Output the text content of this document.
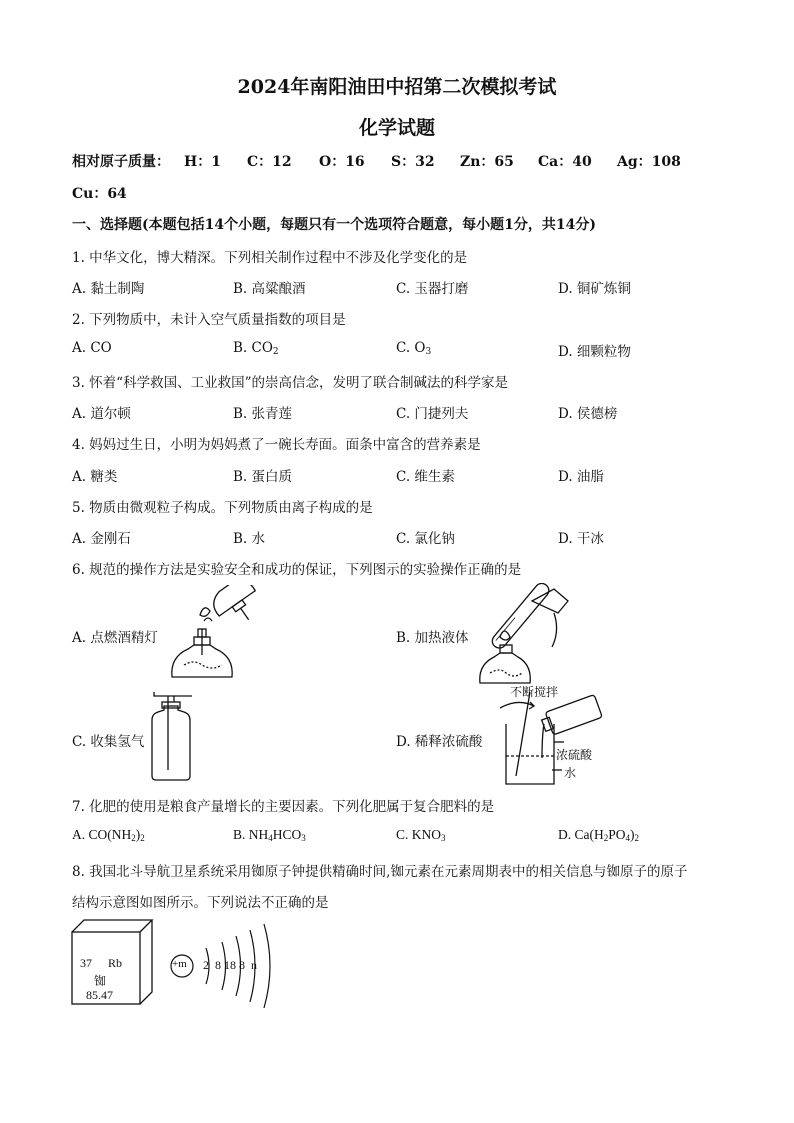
2024年南阳油田中招第二次模拟考试
化学试题
相对原子质量： H：1 C：12 O：16 S：32 Zn：65 Ca：40 Ag：108
Cu：64
一、选择题(本题包括14个小题，每题只有一个选项符合题意，每小题1分，共14分)
1. 中华文化，博大精深。下列相关制作过程中不涉及化学变化的是
A. 黏土制陶	B. 高粱酿酒	C. 玉器打磨	D. 铜矿炼铜
2. 下列物质中，未计入空气质量指数的项目是
A. CO	B. $CO_2$	C. $O_3$	D. 细颗粒物
3. 怀着“科学救国、工业救国”的崇高信念，发明了联合制碱法的科学家是
A. 道尔顿	B. 张青莲	C. 门捷列夫	D. 侯德榜
4. 妈妈过生日，小明为妈妈煮了一碗长寿面。面条中富含的营养素是
A. 糖类	B. 蛋白质	C. 维生素	D. 油脂
5. 物质由微观粒子构成。下列物质由离子构成的是
A. 金刚石	B. 水	C. 氯化钠	D. 干冰
6. 规范的操作方法是实验安全和成功的保证，下列图示的实验操作正确的是
A. 点燃酒精灯	B. 加热液体
C. 收集氢气	D. 稀释浓硫酸
不断搅拌
浓硫酸
水
7. 化肥的使用是粮食产量增长的主要因素。下列化肥属于复合肥料的是
A. $CO(NH_2)_2$	B. $NH_4HCO_3$	C. $KNO_3$	D. $Ca(H_2PO_4)_2$
8. 我国北斗导航卫星系统采用铷原子钟提供精确时间,铷元素在元素周期表中的相关信息与铷原子的原子
结构示意图如图所示。下列说法不正确的是
37 Rb
铷
85.47
+m 2  8 18 8  n
